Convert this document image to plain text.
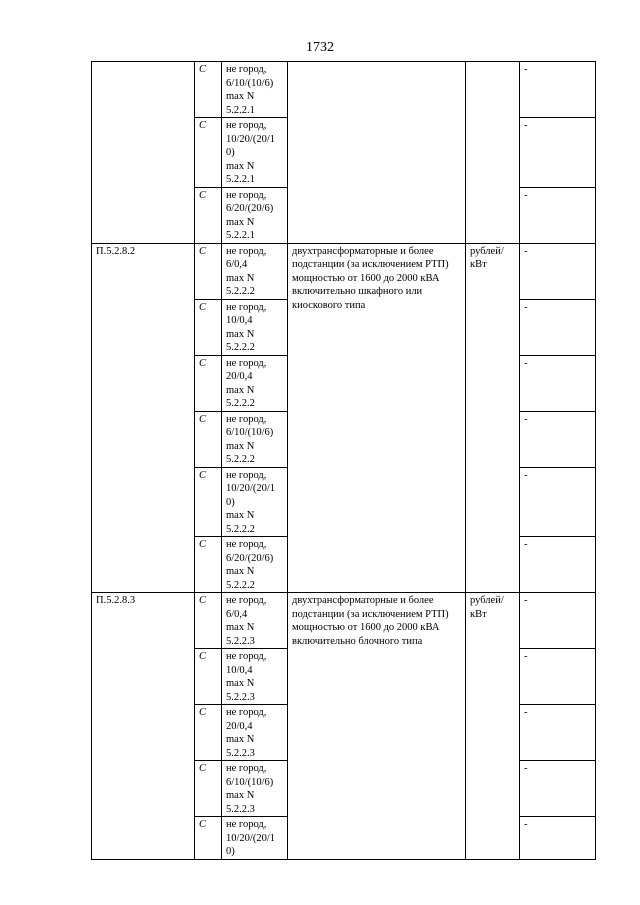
1732
	C	не город,
6/10/(10/6)
max N
5.2.2.1			-
	C	не город,
10/20/(20/1
0)
max N
5.2.2.1			-
	C	не город,
6/20/(20/6)
max N
5.2.2.1			-
П.5.2.8.2	C	не город,
6/0,4
max N
5.2.2.2	двухтрансформаторные и более подстанции (за исключением РТП) мощностью от 1600 до 2000 кВА включительно шкафного или киоскового типа	рублей/ кВт	-
	C	не город,
10/0,4
max N
5.2.2.2			-
	C	не город,
20/0,4
max N
5.2.2.2			-
	C	не город,
6/10/(10/6)
max N
5.2.2.2			-
	C	не город,
10/20/(20/1
0)
max N
5.2.2.2			-
	C	не город,
6/20/(20/6)
max N
5.2.2.2			-
П.5.2.8.3	C	не город,
6/0,4
max N
5.2.2.3	двухтрансформаторные и более подстанции (за исключением РТП) мощностью от 1600 до 2000 кВА включительно блочного типа	рублей/ кВт	-
	C	не город,
10/0,4
max N
5.2.2.3			-
	C	не город,
20/0,4
max N
5.2.2.3			-
	C	не город,
6/10/(10/6)
max N
5.2.2.3			-
	C	не город,
10/20/(20/1
0)			-
